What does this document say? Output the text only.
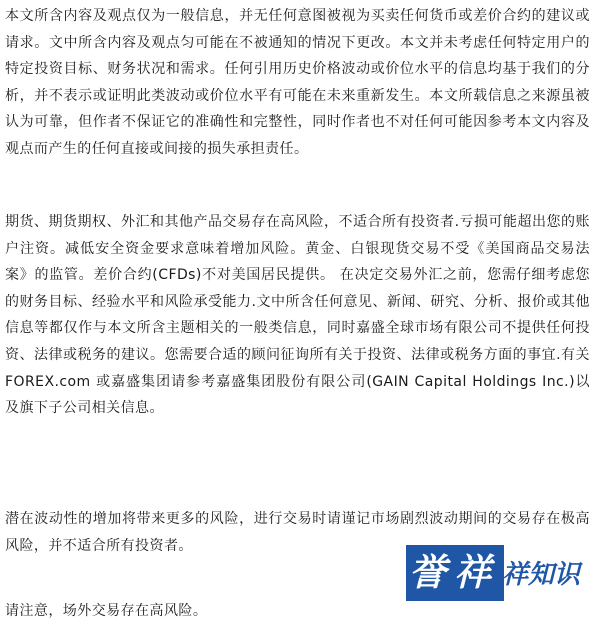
本文所含内容及观点仅为一般信息，并无任何意图被视为买卖任何货币或差价合约的建议或请求。文中所含内容及观点匀可能在不被通知的情况下更改。本文并未考虑任何特定用户的特定投资目标、财务状况和需求。任何引用历史价格波动或价位水平的信息均基于我们的分析，并不表示或证明此类波动或价位水平有可能在未来重新发生。本文所载信息之来源虽被认为可靠，但作者不保证它的准确性和完整性，同时作者也不对任何可能因参考本文内容及观点而产生的任何直接或间接的损失承担责任。

期货、期货期权、外汇和其他产品交易存在高风险，不适合所有投资者.亏损可能超出您的账户注资。减低安全资金要求意味着增加风险。黄金、白银现货交易不受《美国商品交易法案》的监管。差价合约(CFDs)不对美国居民提供。 在决定交易外汇之前，您需仔细考虑您的财务目标、经验水平和风险承受能力.文中所含任何意见、新闻、研究、分析、报价或其他信息等都仅作与本文所含主题相关的一般类信息，同时嘉盛全球市场有限公司不提供任何投资、法律或税务的建议。您需要合适的顾问征询所有关于投资、法律或税务方面的事宜.有关 FOREX.com 或嘉盛集团请参考嘉盛集团股份有限公司(GAIN Capital Holdings Inc.)以及旗下子公司相关信息。

潜在波动性的增加将带来更多的风险，进行交易时请谨记市场剧烈波动期间的交易存在极高风险，并不适合所有投资者。

请注意，场外交易存在高风险。

誉 祥 祥知识
